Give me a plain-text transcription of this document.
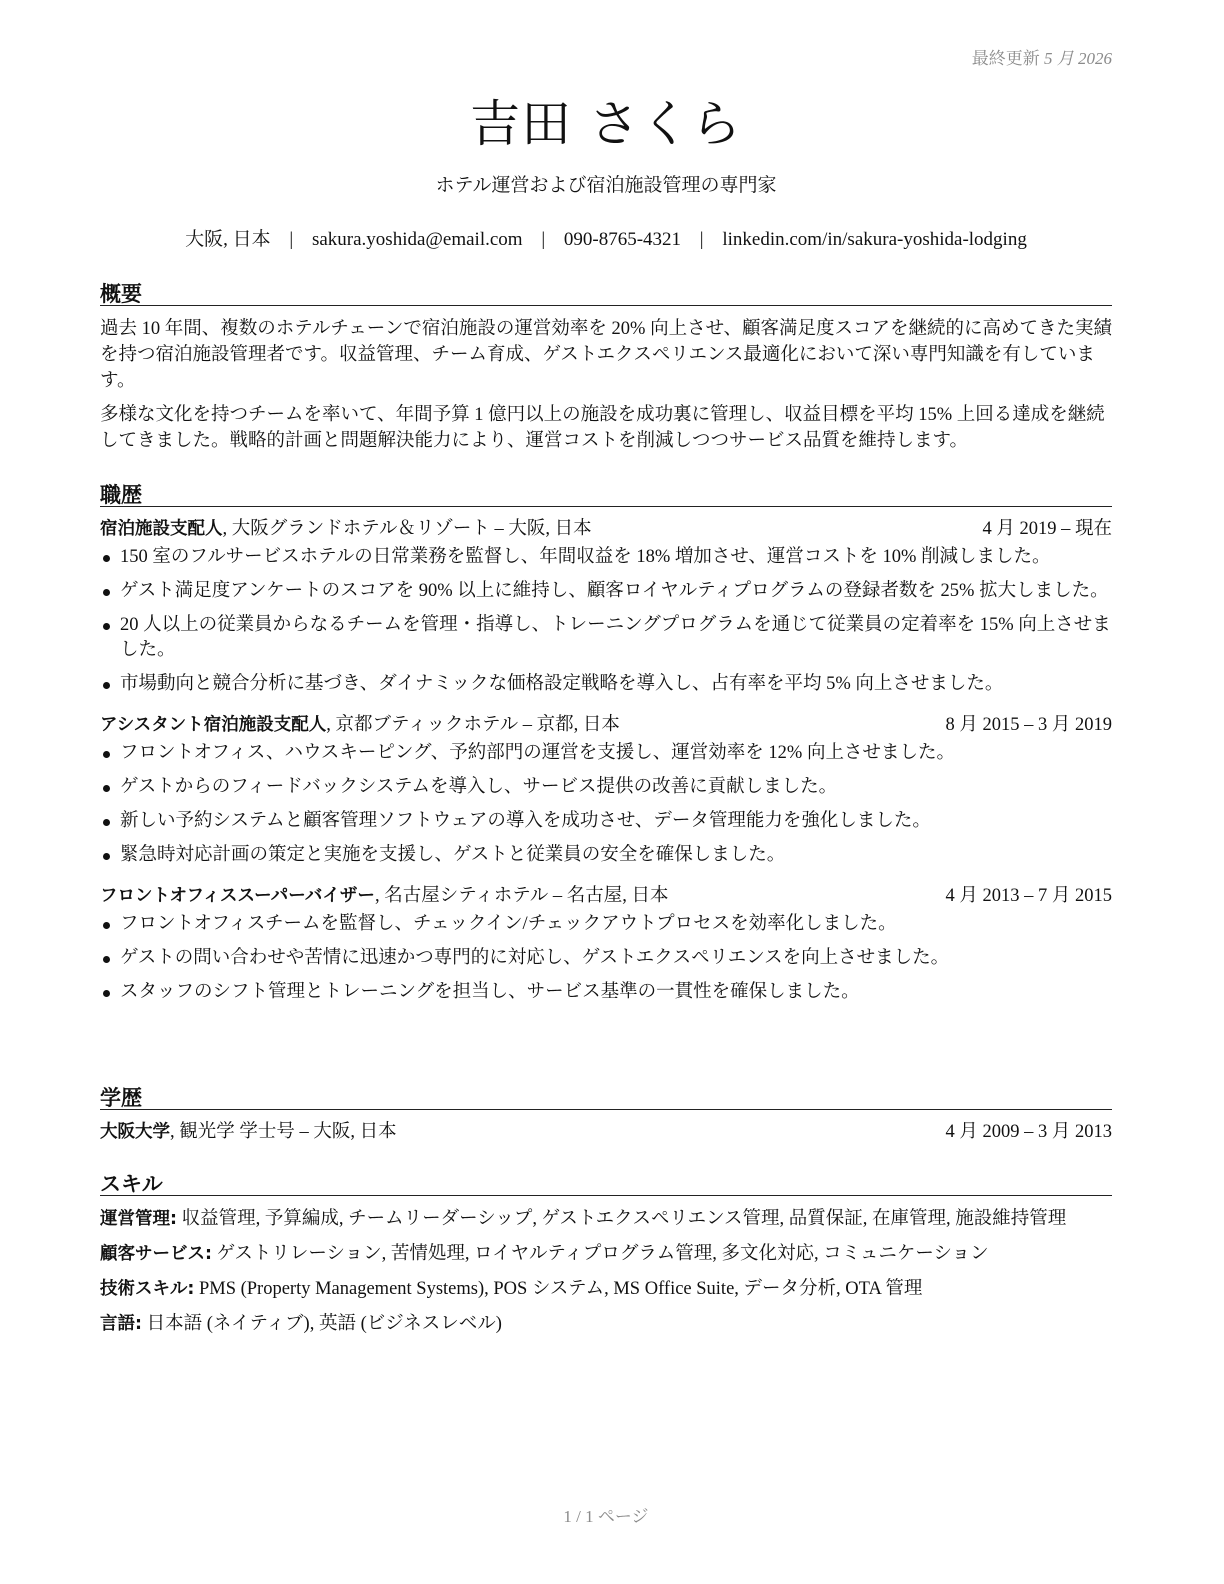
最終更新 5 月 2026
吉田 さくら
ホテル運営および宿泊施設管理の専門家
大阪, 日本 | sakura.yoshida@email.com | 090-8765-4321 | linkedin.com/in/sakura-yoshida-lodging
概要

過去 10 年間、複数のホテルチェーンで宿泊施設の運営効率を 20% 向上させ、顧客満足度スコアを継続的に高めてきた実績を持つ宿泊施設管理者です。収益管理、チーム育成、ゲストエクスペリエンス最適化において深い専門知識を有しています。

多様な文化を持つチームを率いて、年間予算 1 億円以上の施設を成功裏に管理し、収益目標を平均 15% 上回る達成を継続してきました。戦略的計画と問題解決能力により、運営コストを削減しつつサービス品質を維持します。

職歴
宿泊施設支配人, 大阪グランドホテル＆リゾート – 大阪, 日本	4 月 2019 – 現在
150 室のフルサービスホテルの日常業務を監督し、年間収益を 18% 増加させ、運営コストを 10% 削減しました。
ゲスト満足度アンケートのスコアを 90% 以上に維持し、顧客ロイヤルティプログラムの登録者数を 25% 拡大しました。
20 人以上の従業員からなるチームを管理・指導し、トレーニングプログラムを通じて従業員の定着率を 15% 向上させました。
市場動向と競合分析に基づき、ダイナミックな価格設定戦略を導入し、占有率を平均 5% 向上させました。
アシスタント宿泊施設支配人, 京都ブティックホテル – 京都, 日本	8 月 2015 – 3 月 2019
フロントオフィス、ハウスキーピング、予約部門の運営を支援し、運営効率を 12% 向上させました。
ゲストからのフィードバックシステムを導入し、サービス提供の改善に貢献しました。
新しい予約システムと顧客管理ソフトウェアの導入を成功させ、データ管理能力を強化しました。
緊急時対応計画の策定と実施を支援し、ゲストと従業員の安全を確保しました。
フロントオフィススーパーバイザー, 名古屋シティホテル – 名古屋, 日本	4 月 2013 – 7 月 2015
フロントオフィスチームを監督し、チェックイン/チェックアウトプロセスを効率化しました。
ゲストの問い合わせや苦情に迅速かつ専門的に対応し、ゲストエクスペリエンスを向上させました。
スタッフのシフト管理とトレーニングを担当し、サービス基準の一貫性を確保しました。
学歴
大阪大学, 観光学 学士号 – 大阪, 日本	4 月 2009 – 3 月 2013
スキル
運営管理: 収益管理, 予算編成, チームリーダーシップ, ゲストエクスペリエンス管理, 品質保証, 在庫管理, 施設維持管理
顧客サービス: ゲストリレーション, 苦情処理, ロイヤルティプログラム管理, 多文化対応, コミュニケーション
技術スキル: PMS (Property Management Systems), POS システム, MS Office Suite, データ分析, OTA 管理
言語: 日本語 (ネイティブ), 英語 (ビジネスレベル)
1 / 1 ページ
